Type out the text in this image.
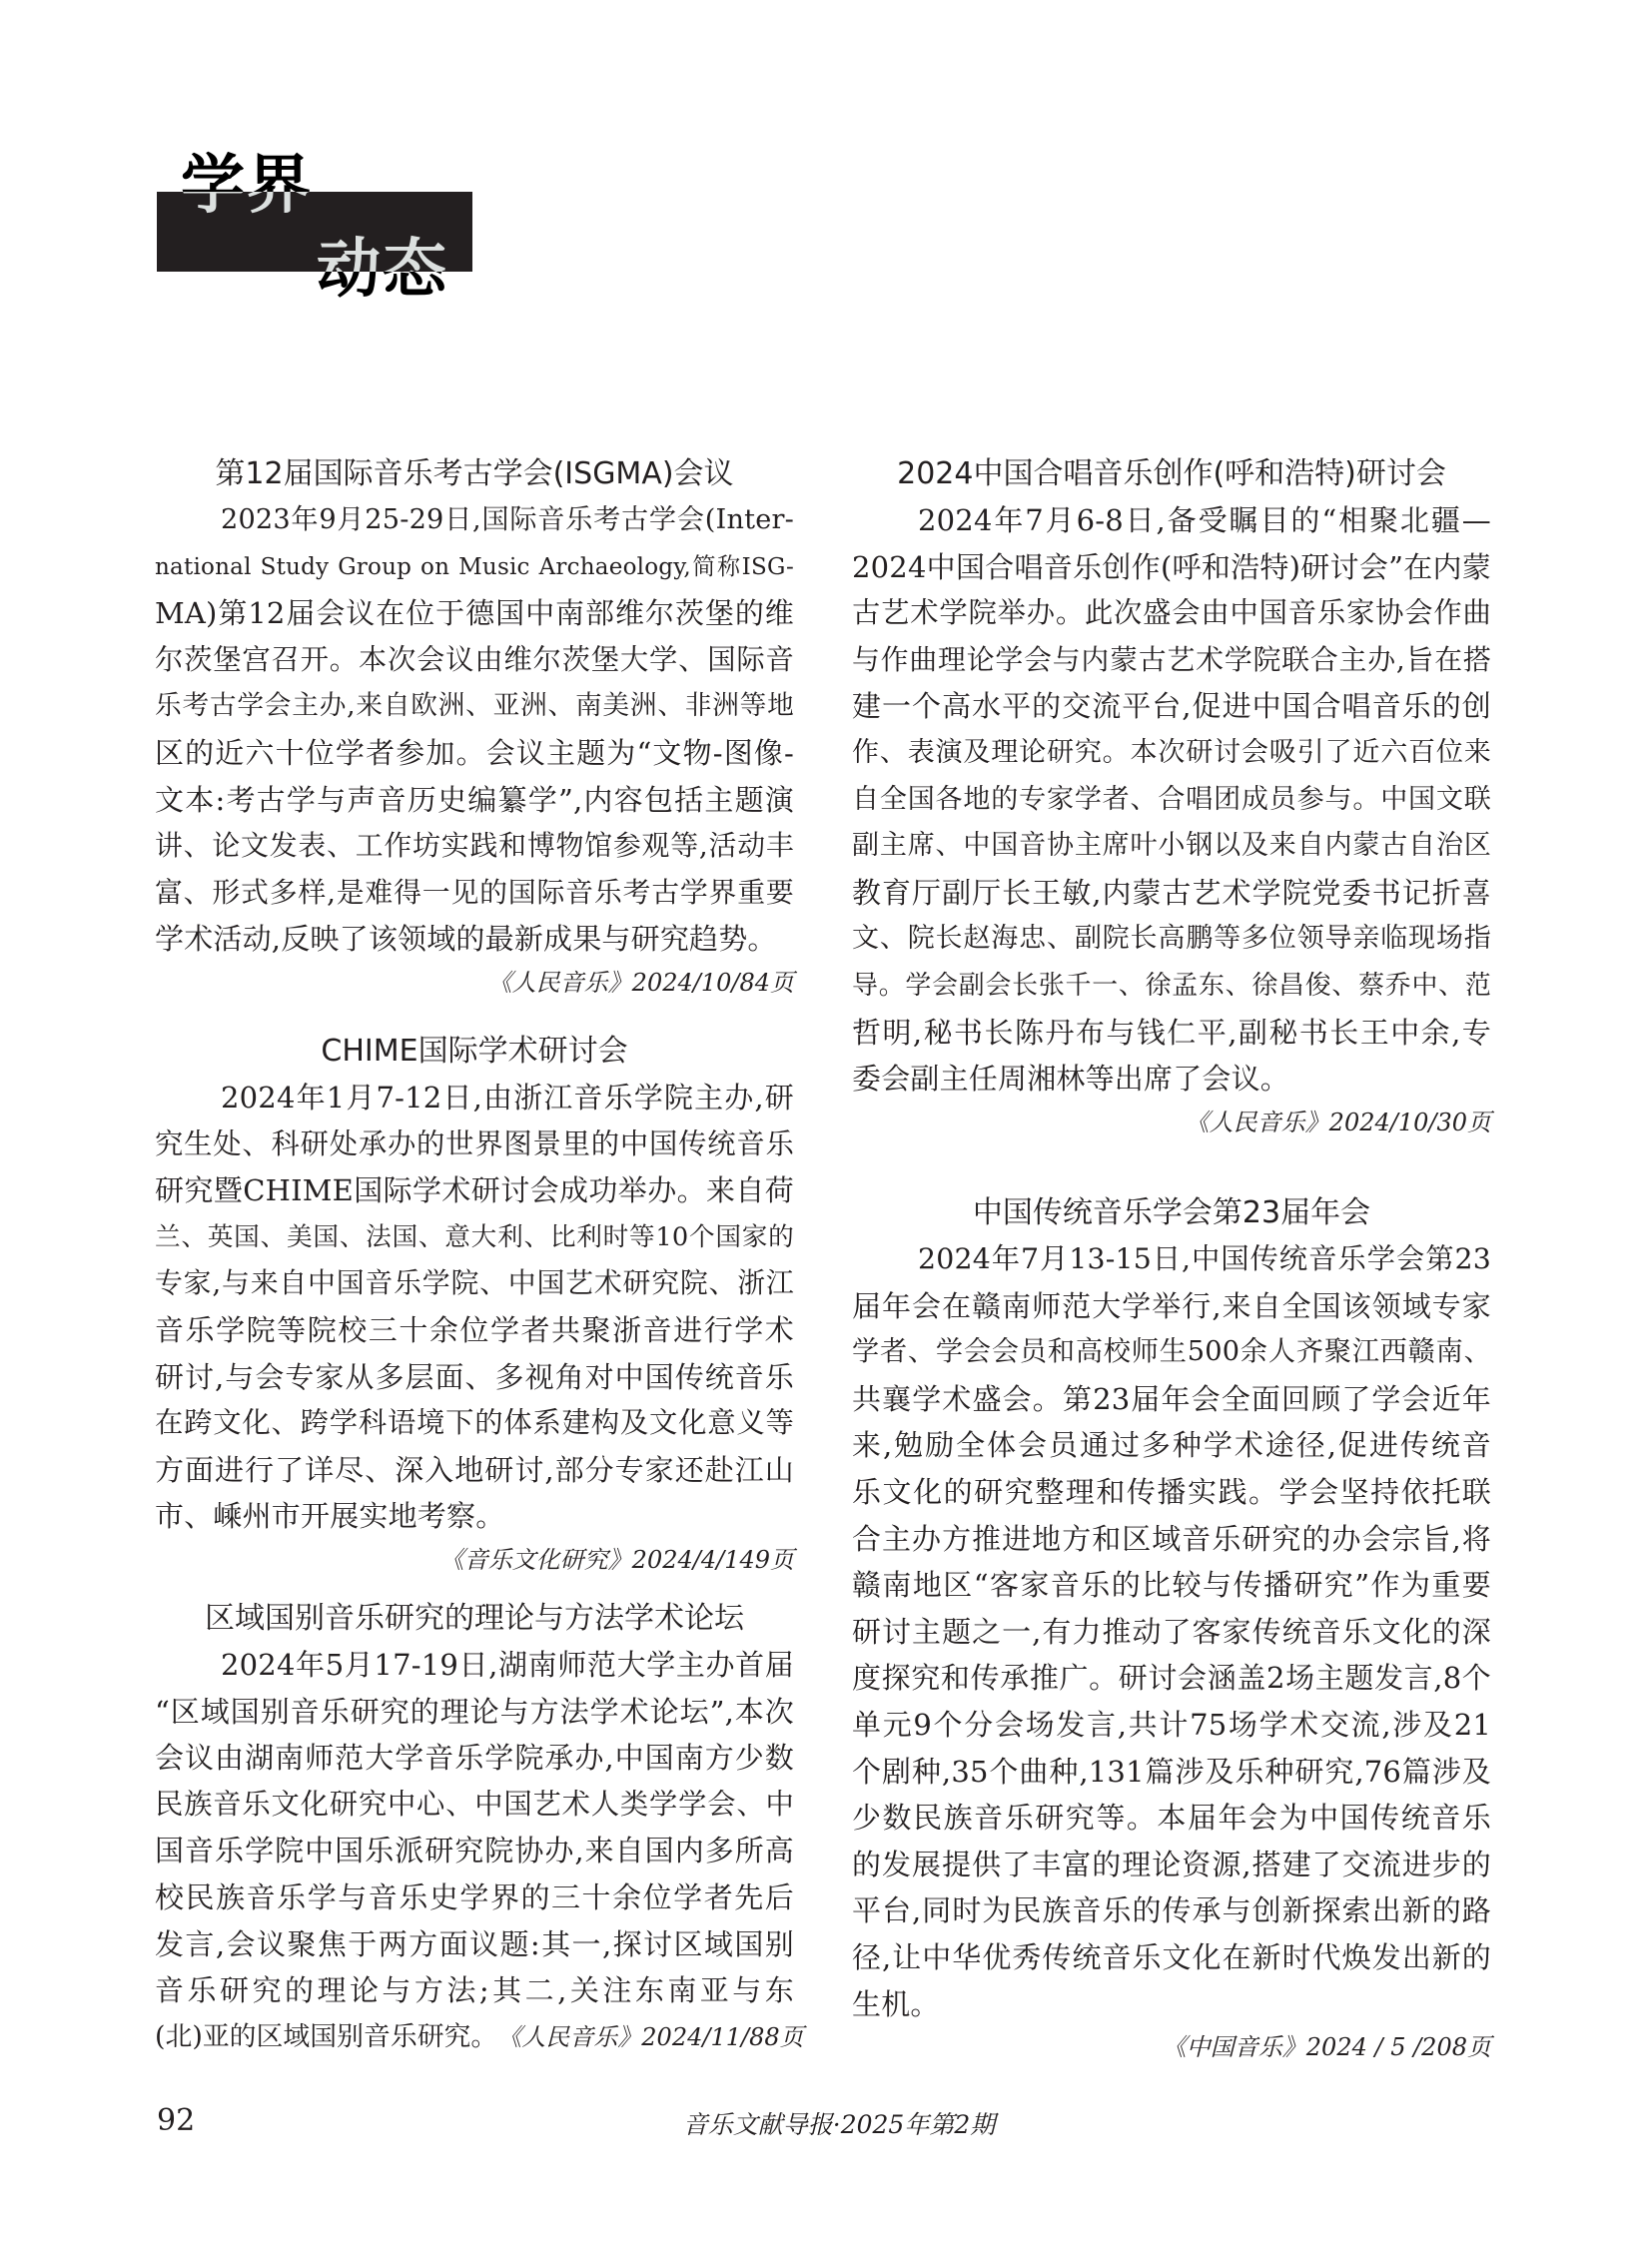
学界
动态
第12届国际音乐考古学会(ISGMA)会议
2023年9月25-29日,国际音乐考古学会(Inter-
national Study Group on Music Archaeology,简称ISG-
MA)第12届会议在位于德国中南部维尔茨堡的维
尔茨堡宫召开。本次会议由维尔茨堡大学、国际音
乐考古学会主办,来自欧洲、亚洲、南美洲、非洲等地
区的近六十位学者参加。会议主题为“文物-图像-
文本:考古学与声音历史编纂学”,内容包括主题演
讲、论文发表、工作坊实践和博物馆参观等,活动丰
富、形式多样,是难得一见的国际音乐考古学界重要
学术活动,反映了该领域的最新成果与研究趋势。
《人民音乐》2024/10/84页
CHIME国际学术研讨会
2024年1月7-12日,由浙江音乐学院主办,研
究生处、科研处承办的世界图景里的中国传统音乐
研究暨CHIME国际学术研讨会成功举办。来自荷
兰、英国、美国、法国、意大利、比利时等10个国家的
专家,与来自中国音乐学院、中国艺术研究院、浙江
音乐学院等院校三十余位学者共聚浙音进行学术
研讨,与会专家从多层面、多视角对中国传统音乐
在跨文化、跨学科语境下的体系建构及文化意义等
方面进行了详尽、深入地研讨,部分专家还赴江山
市、嵊州市开展实地考察。
《音乐文化研究》2024/4/149页
区域国别音乐研究的理论与方法学术论坛
2024年5月17-19日,湖南师范大学主办首届
“区域国别音乐研究的理论与方法学术论坛”,本次
会议由湖南师范大学音乐学院承办,中国南方少数
民族音乐文化研究中心、中国艺术人类学学会、中
国音乐学院中国乐派研究院协办,来自国内多所高
校民族音乐学与音乐史学界的三十余位学者先后
发言,会议聚焦于两方面议题:其一,探讨区域国别
音乐研究的理论与方法;其二,关注东南亚与东
(北)亚的区域国别音乐研究。 《人民音乐》2024/11/88页
2024中国合唱音乐创作(呼和浩特)研讨会
2024年7月6-8日,备受瞩目的“相聚北疆—
2024中国合唱音乐创作(呼和浩特)研讨会”在内蒙
古艺术学院举办。此次盛会由中国音乐家协会作曲
与作曲理论学会与内蒙古艺术学院联合主办,旨在搭
建一个高水平的交流平台,促进中国合唱音乐的创
作、表演及理论研究。本次研讨会吸引了近六百位来
自全国各地的专家学者、合唱团成员参与。中国文联
副主席、中国音协主席叶小钢以及来自内蒙古自治区
教育厅副厅长王敏,内蒙古艺术学院党委书记折喜
文、院长赵海忠、副院长高鹏等多位领导亲临现场指
导。学会副会长张千一、徐孟东、徐昌俊、蔡乔中、范
哲明,秘书长陈丹布与钱仁平,副秘书长王中余,专
委会副主任周湘林等出席了会议。
《人民音乐》2024/10/30页
中国传统音乐学会第23届年会
2024年7月13-15日,中国传统音乐学会第23
届年会在赣南师范大学举行,来自全国该领域专家
学者、学会会员和高校师生500余人齐聚江西赣南、
共襄学术盛会。第23届年会全面回顾了学会近年
来,勉励全体会员通过多种学术途径,促进传统音
乐文化的研究整理和传播实践。学会坚持依托联
合主办方推进地方和区域音乐研究的办会宗旨,将
赣南地区“客家音乐的比较与传播研究”作为重要
研讨主题之一,有力推动了客家传统音乐文化的深
度探究和传承推广。研讨会涵盖2场主题发言,8个
单元9个分会场发言,共计75场学术交流,涉及21
个剧种,35个曲种,131篇涉及乐种研究,76篇涉及
少数民族音乐研究等。本届年会为中国传统音乐
的发展提供了丰富的理论资源,搭建了交流进步的
平台,同时为民族音乐的传承与创新探索出新的路
径,让中华优秀传统音乐文化在新时代焕发出新的
生机。
《中国音乐》2024 / 5 /208页
92	音乐文献导报·2025年第2期
